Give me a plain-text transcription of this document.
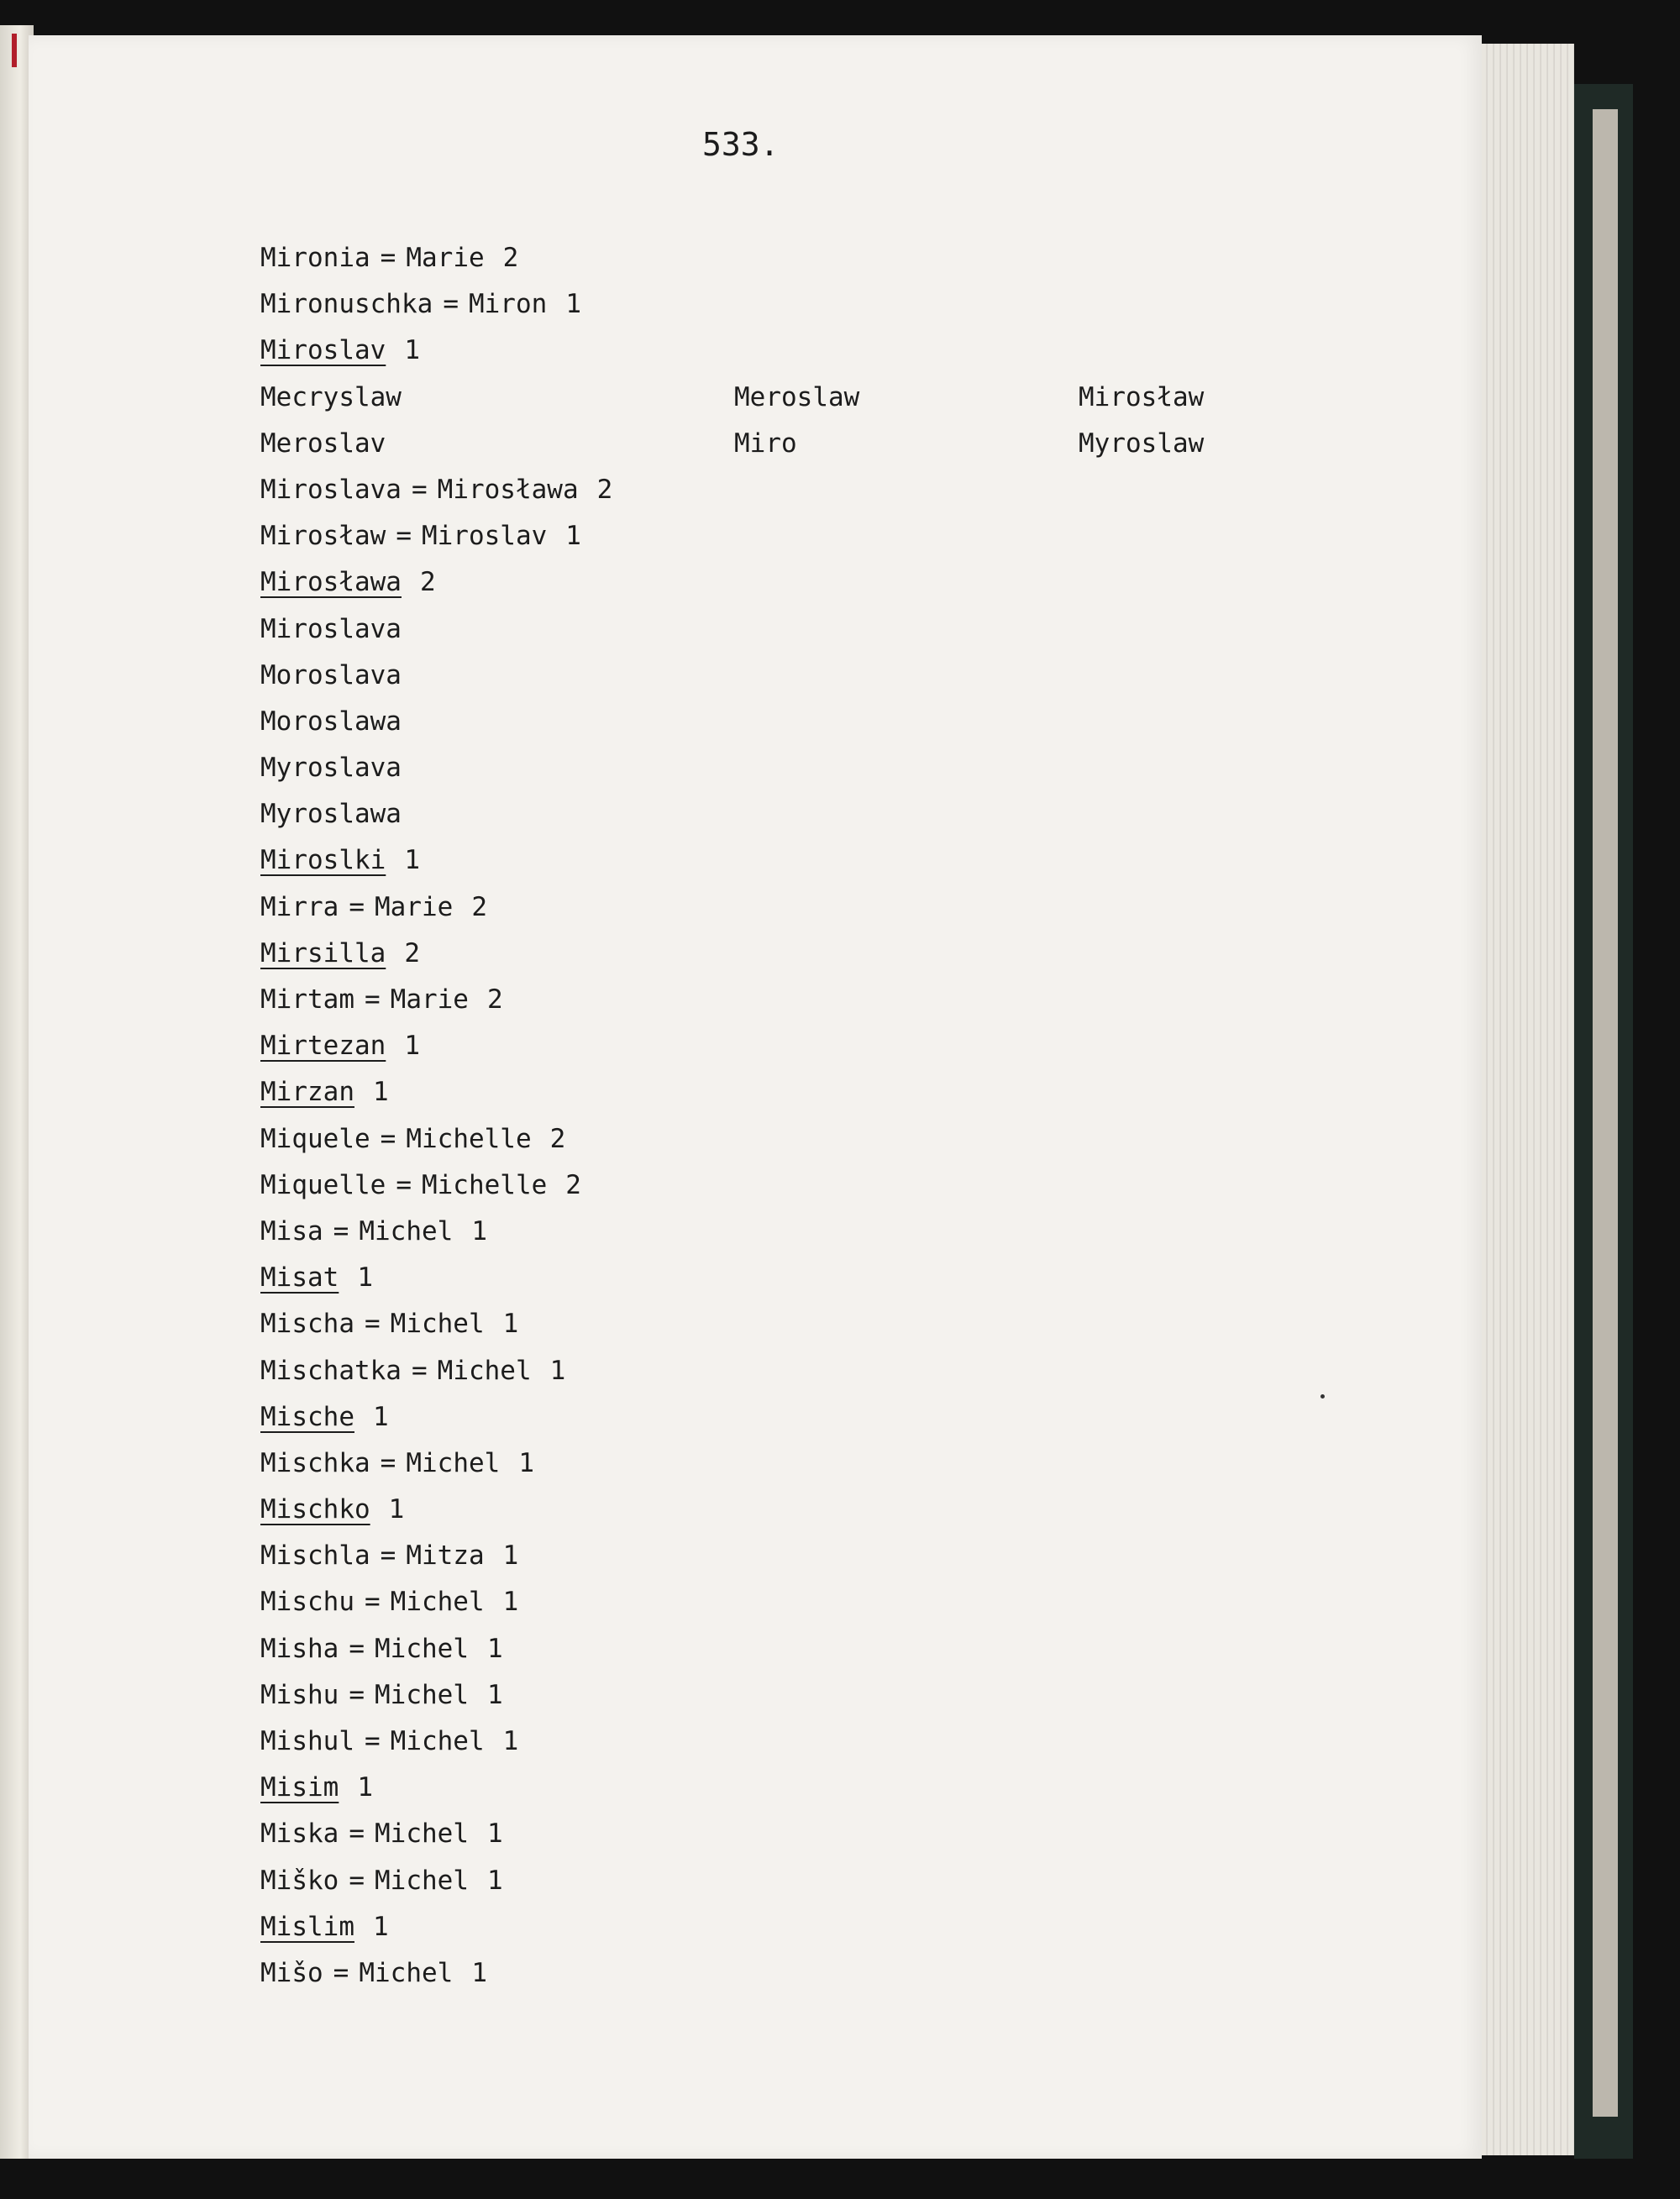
533.

Mironia = Marie 2
Mironuschka = Miron 1
Miroslav 1
Mecryslaw
Meroslav
Miroslava = Mirosława 2
Mirosław = Miroslav 1
Mirosława 2
Miroslava
Moroslava
Moroslawa
Myroslava
Myroslawa
Miroslki 1
Mirra = Marie 2
Mirsilla 2
Mirtam = Marie 2
Mirtezan 1
Mirzan 1
Miquele = Michelle 2
Miquelle = Michelle 2
Misa = Michel 1
Misat 1
Mischa = Michel 1
Mischatka = Michel 1
Mische 1
Mischka = Michel 1
Mischko 1
Mischla = Mitza 1
Mischu = Michel 1
Misha = Michel 1
Mishu = Michel 1
Mishul = Michel 1
Misim 1
Miska = Michel 1
Miško = Michel 1
Mislim 1
Mišo = Michel 1
Meroslaw
Miro
Mirosław
Myroslaw
